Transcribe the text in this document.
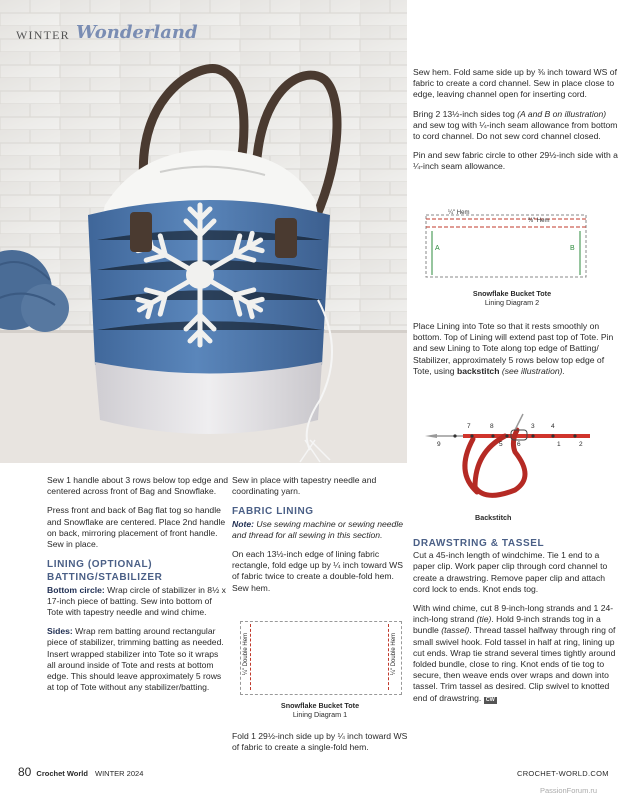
WINTER Wonderland

Sew hem. Fold same side up by ⅜ inch toward WS of fabric to create a cord channel. Sew in place close to edge, leaving channel open for inserting cord.

Bring 2 13½-inch sides tog (A and B on illustration) and sew tog with ¼-inch seam allowance from bottom to cord channel. Do not sew cord channel closed.

Pin and sew fabric circle to other 29½-inch side with a ¼-inch seam allowance.

¼" Hem
⅜" Hem
A	B
Snowflake Bucket Tote
Lining Diagram 2

Place Lining into Tote so that it rests smoothly on bottom. Top of Lining will extend past top of Tote. Pin and sew Lining to Tote along top edge of Batting/ Stabilizer, approximately 5 rows below top edge of Tote, using backstitch (see illustration).

7	8	3	4
9	5 6	1	2
Backstitch

Sew 1 handle about 3 rows below top edge and centered across front of Bag and Snowflake.

Press front and back of Bag flat tog so handle and Snowflake are centered. Place 2nd handle on back, mirroring placement of front handle. Sew in place.

LINING (OPTIONAL)
BATTING/STABILIZER

Bottom circle: Wrap circle of stabilizer in 8½ x 17-inch piece of batting. Sew into bottom of Tote with tapestry needle and wind chime.

Sides: Wrap rem batting around rectangular piece of stabilizer, trimming batting as needed. Insert wrapped stabilizer into Tote so it wraps all around inside of Tote and rests at bottom edge. This should leave approximately 5 rows at top of Tote without any stabilizer/batting.

Sew in place with tapestry needle and coordinating yarn.

FABRIC LINING

Note: Use sewing machine or sewing needle and thread for all sewing in this section.

On each 13½-inch edge of lining fabric rectangle, fold edge up by ¼ inch toward WS of fabric twice to create a double-fold hem. Sew hem.

¼" Double Hem	¼" Double Hem
Snowflake Bucket Tote
Lining Diagram 1

Fold 1 29½-inch side up by ¼ inch toward WS of fabric to create a single-fold hem.

DRAWSTRING & TASSEL

Cut a 45-inch length of windchime. Tie 1 end to a paper clip. Work paper clip through cord channel to create a drawstring. Remove paper clip and attach cord lock to ends. Knot ends tog.

With wind chime, cut 8 9-inch-long strands and 1 24-inch-long strand (tie). Hold 9-inch strands tog in a bundle (tassel). Thread tassel halfway through ring of small swivel hook. Fold tassel in half at ring, lining up cut ends. Wrap tie strand several times tightly around folded bundle, close to ring. Knot ends of tie tog to secure, then weave ends over wraps and down into tassel. Trim tassel as desired. Clip swivel to knotted end of drawstring. CW

80 Crochet World WINTER 2024	CROCHET-WORLD.COM
PassionForum.ru
